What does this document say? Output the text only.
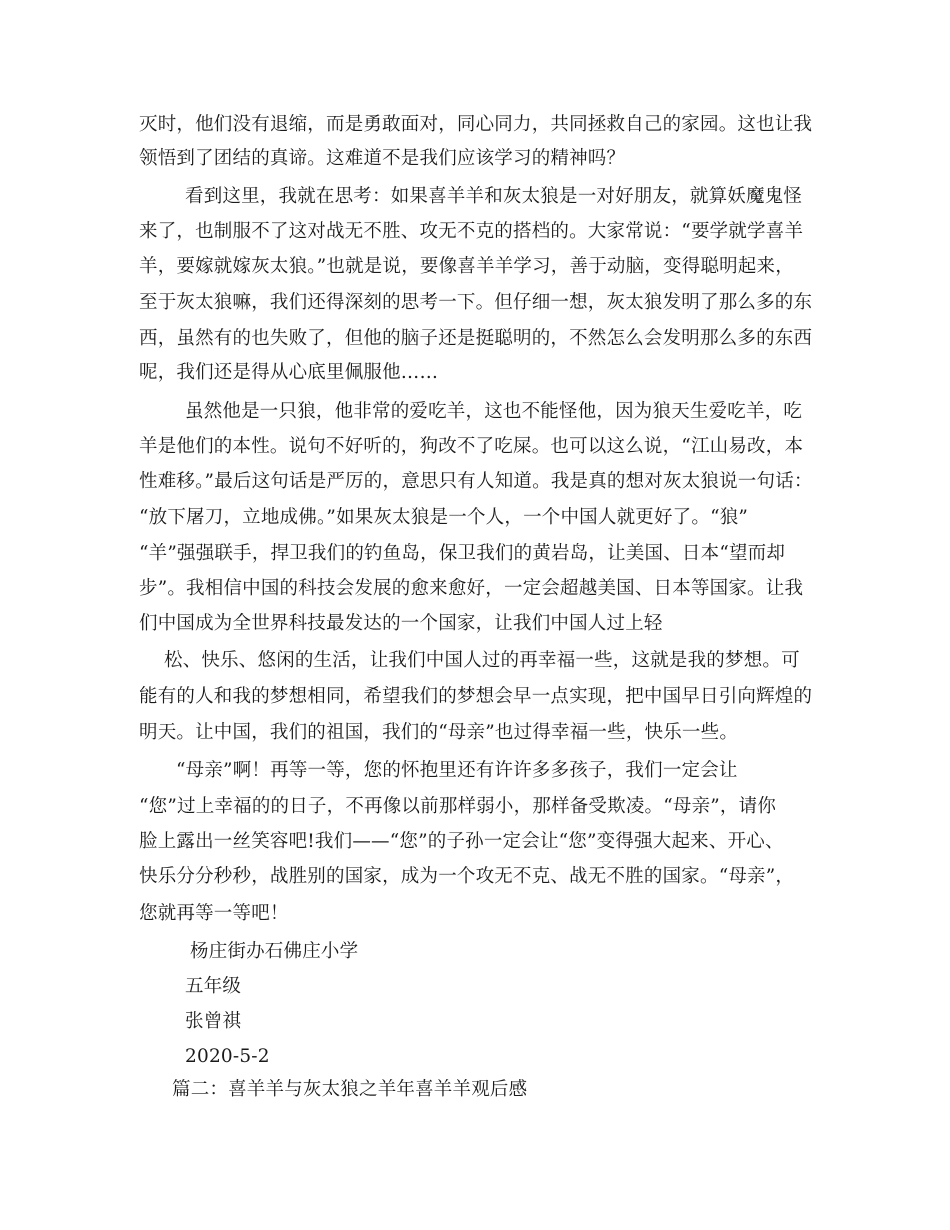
灭时，他们没有退缩，而是勇敢面对，同心同力，共同拯救自己的家园。这也让我
领悟到了团结的真谛。这难道不是我们应该学习的精神吗？
看到这里，我就在思考：如果喜羊羊和灰太狼是一对好朋友，就算妖魔鬼怪
来了，也制服不了这对战无不胜、攻无不克的搭档的。大家常说：“要学就学喜羊
羊，要嫁就嫁灰太狼。”也就是说，要像喜羊羊学习，善于动脑，变得聪明起来，
至于灰太狼嘛，我们还得深刻的思考一下。但仔细一想，灰太狼发明了那么多的东
西，虽然有的也失败了，但他的脑子还是挺聪明的，不然怎么会发明那么多的东西
呢，我们还是得从心底里佩服他……
虽然他是一只狼，他非常的爱吃羊，这也不能怪他，因为狼天生爱吃羊，吃
羊是他们的本性。说句不好听的，狗改不了吃屎。也可以这么说，“江山易改，本
性难移。”最后这句话是严厉的，意思只有人知道。我是真的想对灰太狼说一句话：
“放下屠刀，立地成佛。”如果灰太狼是一个人，一个中国人就更好了。“狼”
“羊”强强联手，捍卫我们的钓鱼岛，保卫我们的黄岩岛，让美国、日本“望而却
步”。我相信中国的科技会发展的愈来愈好，一定会超越美国、日本等国家。让我
们中国成为全世界科技最发达的一个国家，让我们中国人过上轻
松、快乐、悠闲的生活，让我们中国人过的再幸福一些，这就是我的梦想。可
能有的人和我的梦想相同，希望我们的梦想会早一点实现，把中国早日引向辉煌的
明天。让中国，我们的祖国，我们的“母亲”也过得幸福一些，快乐一些。
“母亲”啊！再等一等，您的怀抱里还有许许多多孩子，我们一定会让
“您”过上幸福的的日子，不再像以前那样弱小，那样备受欺凌。“母亲”，请你
脸上露出一丝笑容吧!我们——“您”的子孙一定会让“您”变得强大起来、开心、
快乐分分秒秒，战胜别的国家，成为一个攻无不克、战无不胜的国家。“母亲”，
您就再等一等吧！
杨庄街办石佛庄小学
五年级
张曾祺
2020-5-2
篇二：喜羊羊与灰太狼之羊年喜羊羊观后感
